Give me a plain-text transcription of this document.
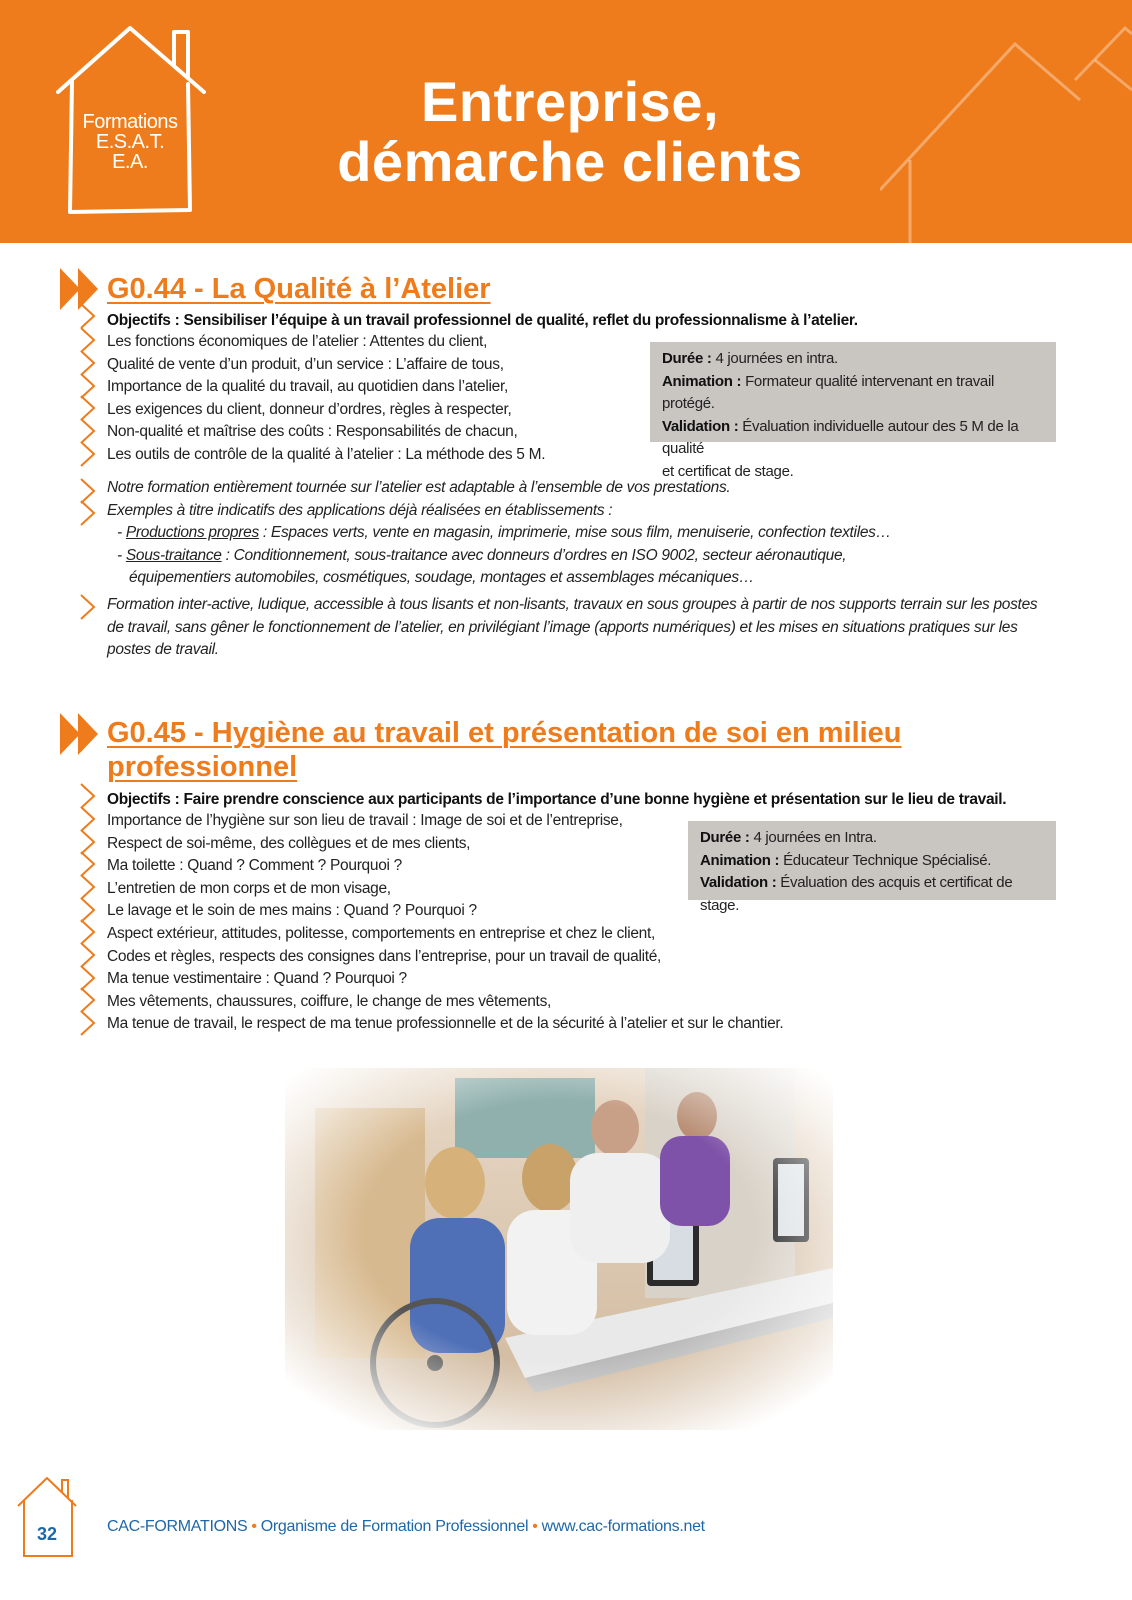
Formations
E.S.A.T.
E.A.
Entreprise,
démarche clients
G0.44 - La Qualité à l’Atelier
Objectifs : Sensibiliser l’équipe à un travail professionnel de qualité, reflet du professionnalisme à l’atelier.
Les fonctions économiques de l’atelier : Attentes du client,
Qualité de vente d’un produit, d’un service : L’affaire de tous,
Importance de la qualité du travail, au quotidien dans l’atelier,
Les exigences du client, donneur d’ordres, règles à respecter,
Non-qualité et maîtrise des coûts : Responsabilités de chacun,
Les outils de contrôle de la qualité à l’atelier : La méthode des 5 M.
Durée : 4 journées en intra.
Animation : Formateur qualité intervenant en travail protégé.
Validation : Évaluation individuelle autour des 5 M de la qualité
et certificat de stage.
Notre formation entièrement tournée sur l’atelier est adaptable à l’ensemble de vos prestations.
Exemples à titre indicatifs des applications déjà réalisées en établissements :
- Productions propres : Espaces verts, vente en magasin, imprimerie, mise sous film, menuiserie, confection textiles…
- Sous-traitance : Conditionnement, sous-traitance avec donneurs d’ordres en ISO 9002, secteur aéronautique,
équipementiers automobiles, cosmétiques, soudage, montages et assemblages mécaniques…
Formation inter-active, ludique, accessible à tous lisants et non-lisants, travaux en sous groupes à partir de nos supports terrain sur les postes
de travail, sans gêner le fonctionnement de l’atelier, en privilégiant l’image (apports numériques) et les mises en situations pratiques sur les
postes de travail.
G0.45 - Hygiène au travail et présentation de soi en milieu
professionnel
Objectifs : Faire prendre conscience aux participants de l’importance d’une bonne hygiène et présentation sur le lieu de travail.
Importance de l’hygiène sur son lieu de travail : Image de soi et de l’entreprise,
Respect de soi-même, des collègues et de mes clients,
Ma toilette : Quand ? Comment ? Pourquoi ?
L’entretien de mon corps et de mon visage,
Le lavage et le soin de mes mains : Quand ? Pourquoi ?
Aspect extérieur, attitudes, politesse, comportements en entreprise et chez le client,
Codes et règles, respects des consignes dans l’entreprise, pour un travail de qualité,
Ma tenue vestimentaire : Quand ? Pourquoi ?
Mes vêtements, chaussures, coiffure, le change de mes vêtements,
Ma tenue de travail, le respect de ma tenue professionnelle et de la sécurité à l’atelier et sur le chantier.
Durée : 4 journées en Intra.
Animation : Éducateur Technique Spécialisé.
Validation : Évaluation des acquis et certificat de stage.
32	CAC-FORMATIONS • Organisme de Formation Professionnel • www.cac-formations.net
